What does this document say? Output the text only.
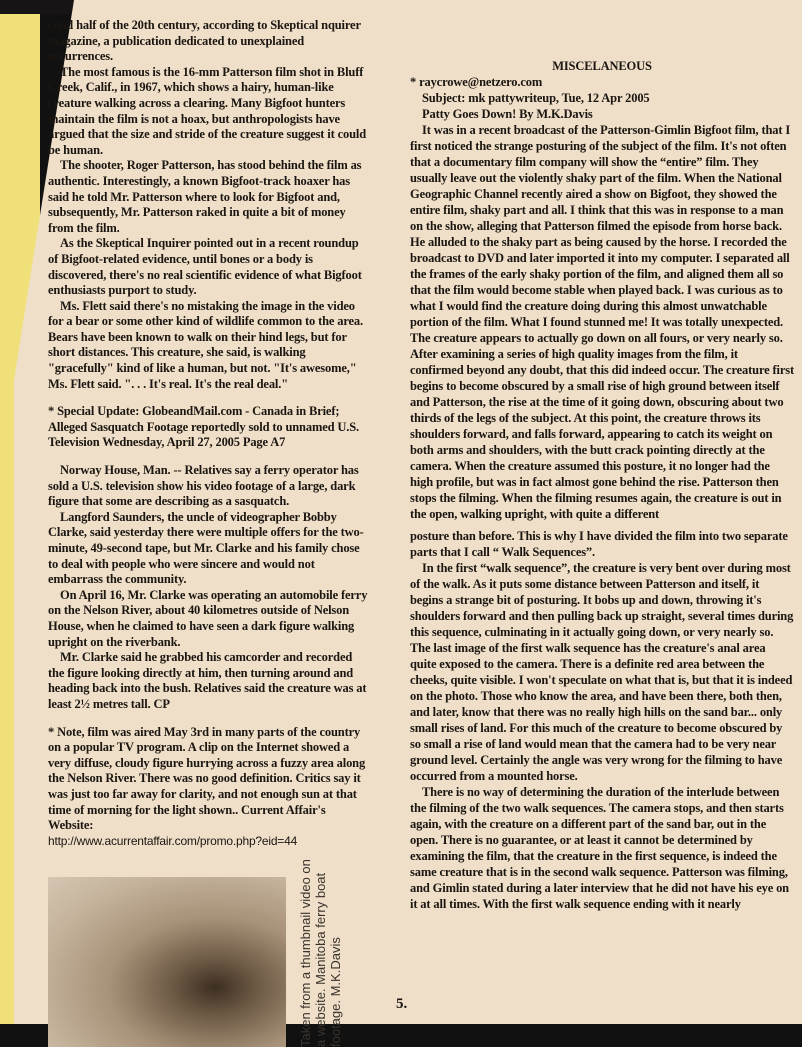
cond half of the 20th century, according to Skeptical nquirer magazine, a publication dedicated to unexplained occurrences.

The most famous is the 16-mm Patterson film shot in Bluff Creek, Calif., in 1967, which shows a hairy, human-like creature walking across a clearing. Many Bigfoot hunters maintain the film is not a hoax, but anthropologists have argued that the size and stride of the creature suggest it could be human.

The shooter, Roger Patterson, has stood behind the film as authentic. Interestingly, a known Bigfoot-track hoaxer has said he told Mr. Patterson where to look for Bigfoot and, subsequently, Mr. Patterson raked in quite a bit of money from the film.

As the Skeptical Inquirer pointed out in a recent roundup of Bigfoot-related evidence, until bones or a body is discovered, there's no real scientific evidence of what Bigfoot enthusiasts purport to study.

Ms. Flett said there's no mistaking the image in the video for a bear or some other kind of wildlife common to the area. Bears have been known to walk on their hind legs, but for short distances. This creature, she said, is walking "gracefully" kind of like a human, but not. "It's awesome," Ms. Flett said. ". . . It's real. It's the real deal."

* Special Update: GlobeandMail.com - Canada in Brief; Alleged Sasquatch Footage reportedly sold to unnamed U.S. Television Wednesday, April 27, 2005 Page A7

Norway House, Man. -- Relatives say a ferry operator has sold a U.S. television show his video footage of a large, dark figure that some are describing as a sasquatch.

Langford Saunders, the uncle of videographer Bobby Clarke, said yesterday there were multiple offers for the two-minute, 49-second tape, but Mr. Clarke and his family chose to deal with people who were sincere and would not embarrass the community.

On April 16, Mr. Clarke was operating an automobile ferry on the Nelson River, about 40 kilometres outside of Nelson House, when he claimed to have seen a dark figure walking upright on the riverbank.

Mr. Clarke said he grabbed his camcorder and recorded the figure looking directly at him, then turning around and heading back into the bush. Relatives said the creature was at least 2½ metres tall. CP

* Note, film was aired May 3rd in many parts of the country on a popular TV program. A clip on the Internet showed a very diffuse, cloudy figure hurrying across a fuzzy area along the Nelson River. There was no good definition. Critics say it was just too far away for clarity, and not enough sun at that time of morning for the light shown.. Current Affair's Website:

http://www.acurrentaffair.com/promo.php?eid=44

Taken from a thumbnail video on a website. Manitoba ferry boat footage. M.K.Davis
MISCELANEOUS

* raycrowe@netzero.com

Subject: mk pattywriteup, Tue, 12 Apr 2005

Patty Goes Down! By M.K.Davis

It was in a recent broadcast of the Patterson-Gimlin Bigfoot film, that I first noticed the strange posturing of the subject of the film. It's not often that a documentary film company will show the “entire” film. They usually leave out the violently shaky part of the film. When the National Geographic Channel recently aired a show on Bigfoot, they showed the entire film, shaky part and all. I think that this was in response to a man on the show, alleging that Patterson filmed the episode from horse back. He alluded to the shaky part as being caused by the horse. I recorded the broadcast to DVD and later imported it into my computer. I separated all the frames of the early shaky portion of the film, and aligned them all so that the film would become stable when played back. I was curious as to what I would find the creature doing during this almost unwatchable portion of the film. What I found stunned me! It was totally unexpected. The creature appears to actually go down on all fours, or very nearly so. After examining a series of high quality images from the film, it confirmed beyond any doubt, that this did indeed occur. The creature first begins to become obscured by a small rise of high ground between itself and Patterson, the rise at the time of it going down, obscuring about two thirds of the legs of the subject. At this point, the creature throws its shoulders forward, and falls forward, appearing to catch its weight on both arms and shoulders, with the butt crack pointing directly at the camera. When the creature assumed this posture, it no longer had the high profile, but was in fact almost gone behind the rise. Patterson then stops the filming. When the filming resumes again, the creature is out in the open, walking upright, with quite a different

posture than before. This is why I have divided the film into two separate parts that I call “ Walk Sequences”.

In the first “walk sequence”, the creature is very bent over during most of the walk. As it puts some distance between Patterson and itself, it begins a strange bit of posturing. It bobs up and down, throwing it's shoulders forward and then pulling back up straight, several times during this sequence, culminating in it actually going down, or very nearly so. The last image of the first walk sequence has the creature's anal area quite exposed to the camera. There is a definite red area between the cheeks, quite visible. I won't speculate on what that is, but that it is indeed on the photo. Those who know the area, and have been there, both then, and later, know that there was no really high hills on the sand bar... only small rises of land. For this much of the creature to become obscured by so small a rise of land would mean that the camera had to be very near ground level. Certainly the angle was very wrong for the filming to have occurred from a mounted horse.

There is no way of determining the duration of the interlude between the filming of the two walk sequences. The camera stops, and then starts again, with the creature on a different part of the sand bar, out in the open. There is no guarantee, or at least it cannot be determined by examining the film, that the creature in the first sequence, is indeed the same creature that is in the second walk sequence. Patterson was filming, and Gimlin stated during a later interview that he did not have his eye on it at all times. With the first walk sequence ending with it nearly

5.
